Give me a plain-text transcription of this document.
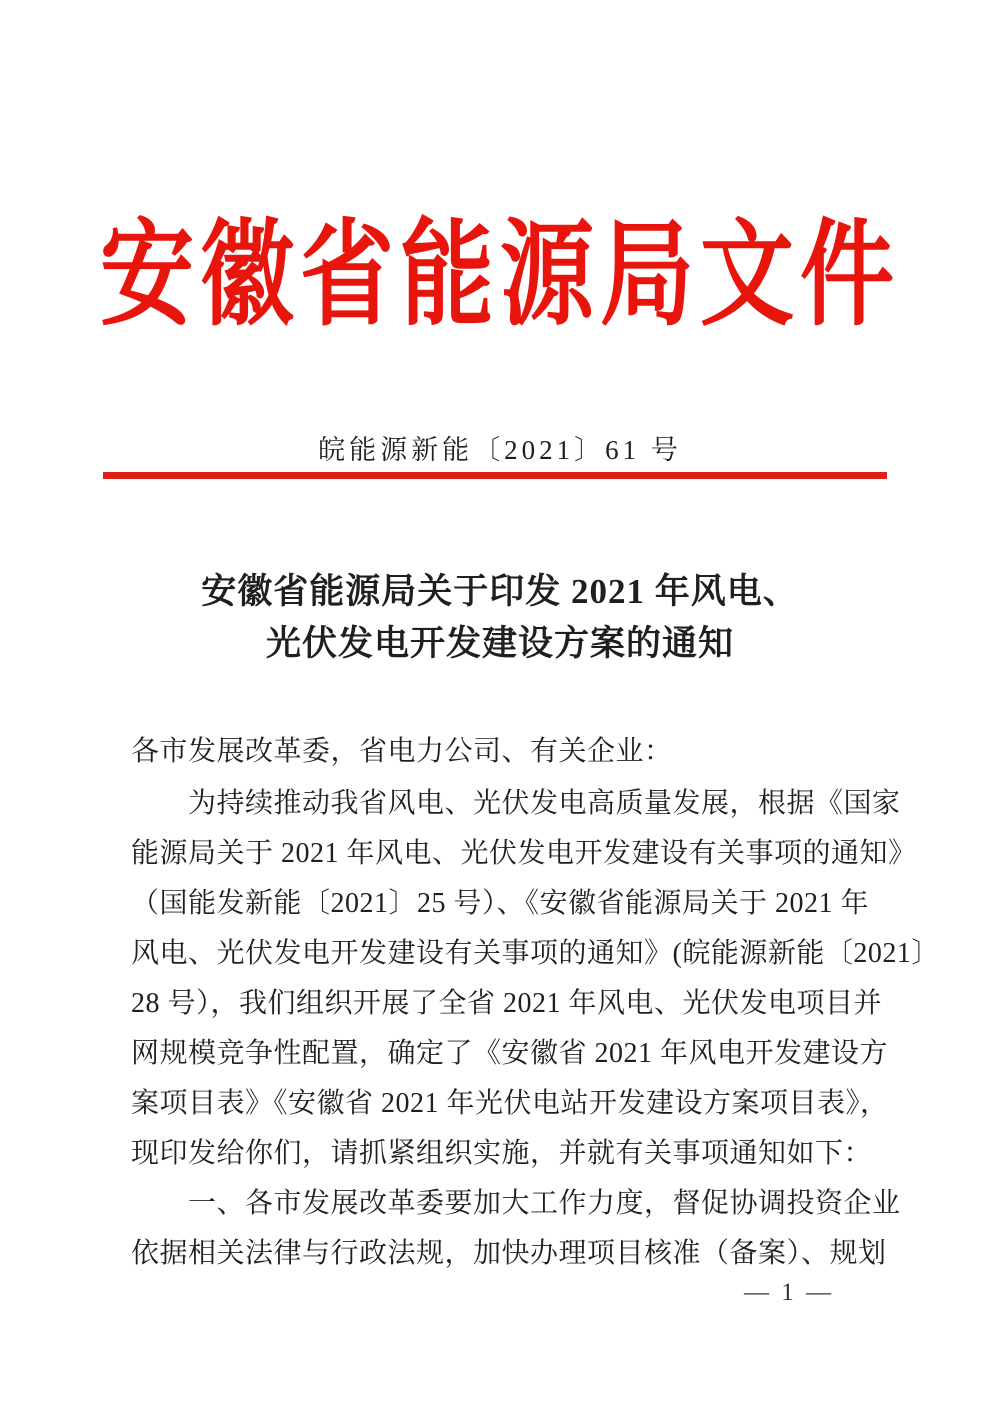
安徽省能源局文件
皖能源新能〔2021〕61 号
安徽省能源局关于印发 2021 年风电、
光伏发电开发建设方案的通知
各市发展改革委，省电力公司、有关企业：
为持续推动我省风电、光伏发电高质量发展，根据《国家
能源局关于 2021 年风电、光伏发电开发建设有关事项的通知》
（国能发新能〔2021〕25 号）、《安徽省能源局关于 2021 年
风电、光伏发电开发建设有关事项的通知》(皖能源新能〔2021〕
28 号），我们组织开展了全省 2021 年风电、光伏发电项目并
网规模竞争性配置，确定了《安徽省 2021 年风电开发建设方
案项目表》《安徽省 2021 年光伏电站开发建设方案项目表》，
现印发给你们，请抓紧组织实施，并就有关事项通知如下：
一、各市发展改革委要加大工作力度，督促协调投资企业
依据相关法律与行政法规，加快办理项目核准（备案）、规划
— 1 —
